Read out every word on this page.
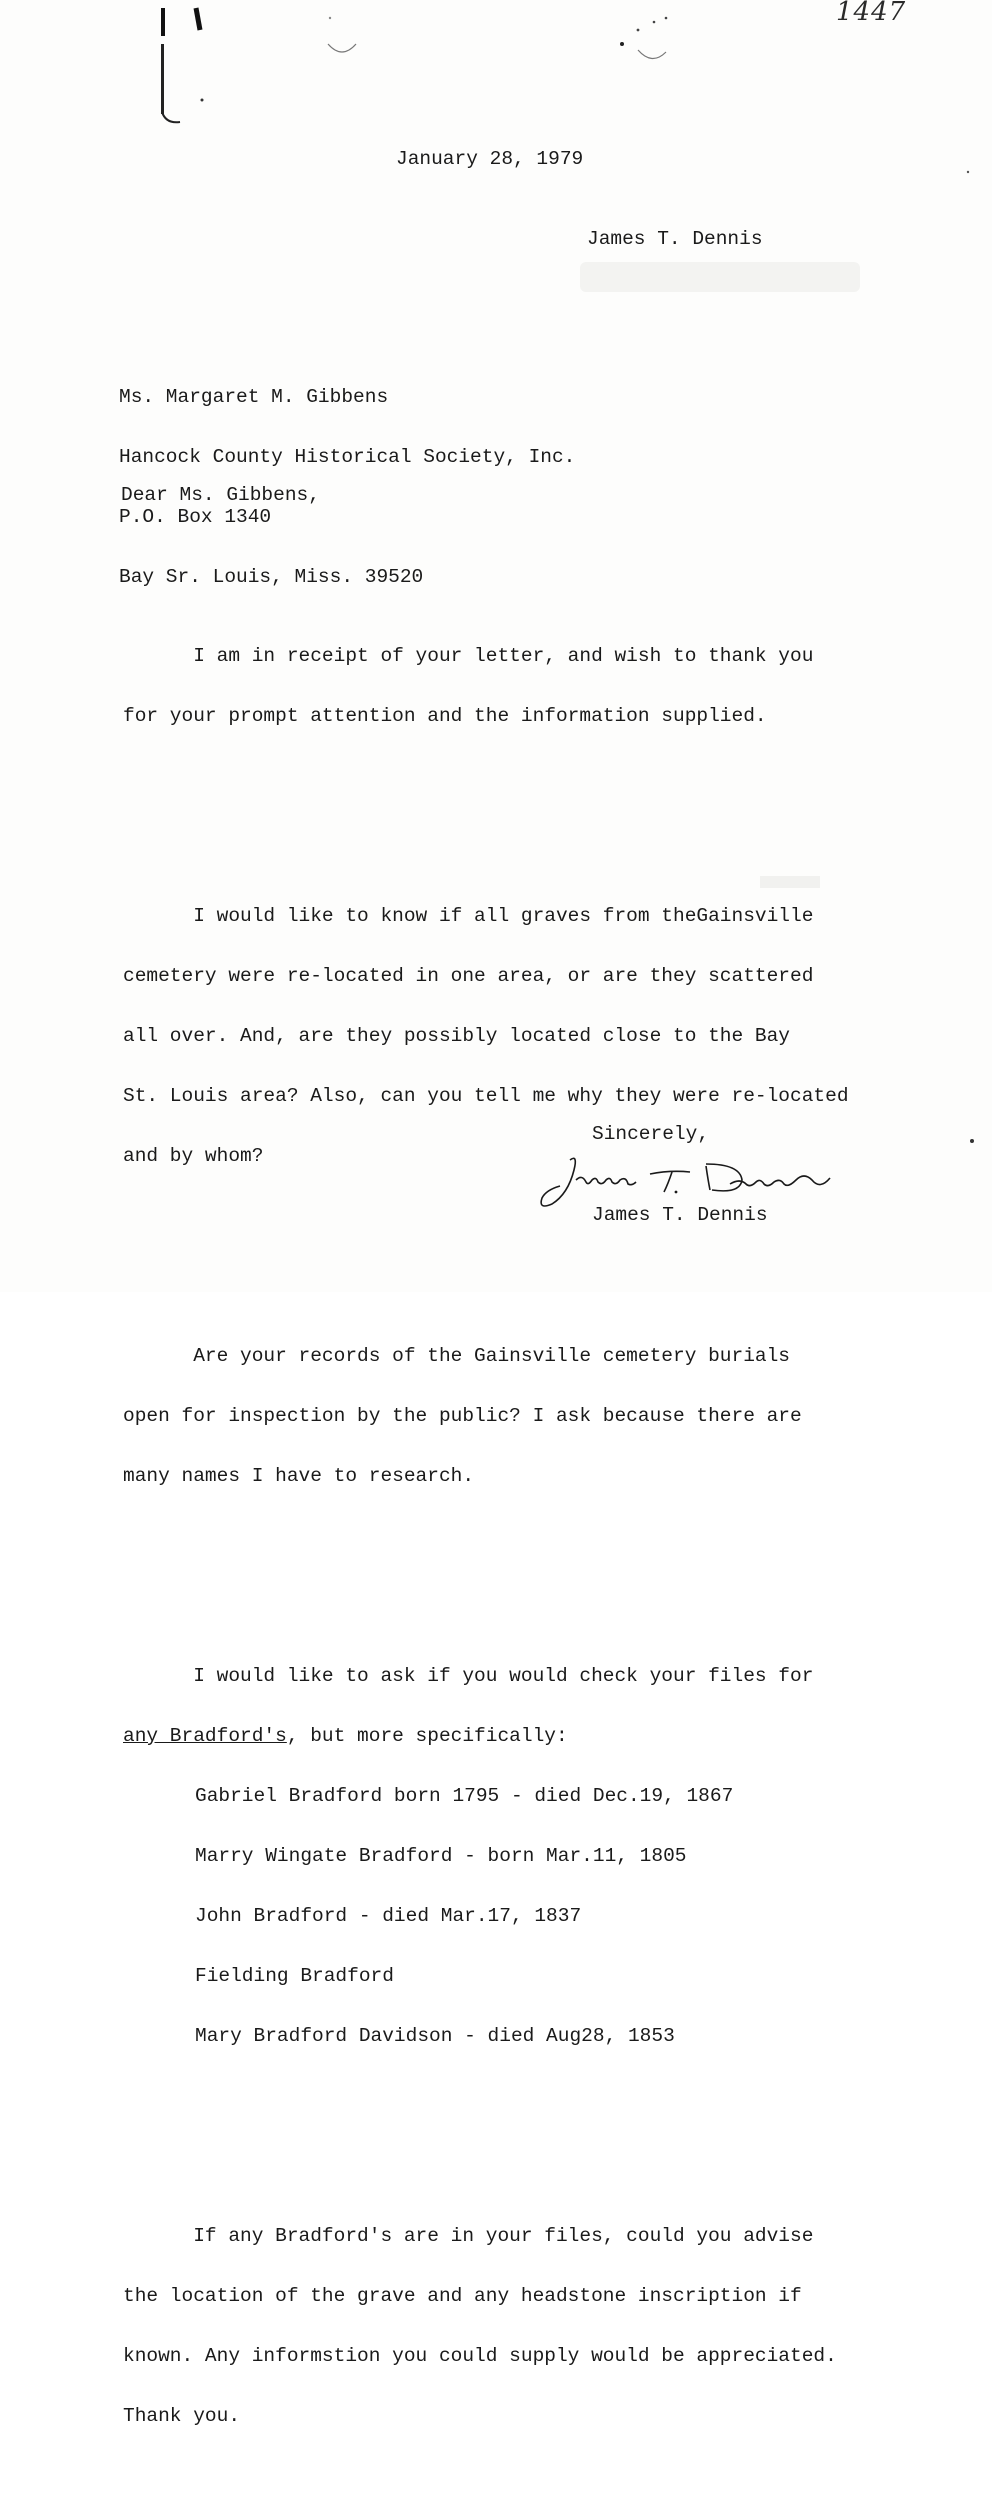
1447
January 28, 1979
James T. Dennis

Ms. Margaret M. Gibbens

Hancock County Historical Society, Inc.

P.O. Box 1340

Bay Sr. Louis, Miss. 39520

Dear Ms. Gibbens,

I am in receipt of your letter, and wish to thank you

for your prompt attention and the information supplied.

I would like to know if all graves from theGainsville

cemetery were re-located in one area, or are they scattered

all over. And, are they possibly located close to the Bay

St. Louis area? Also, can you tell me why they were re-located

and by whom?

Are your records of the Gainsville cemetery burials

open for inspection by the public? I ask because there are

many names I have to research.

I would like to ask if you would check your files for

any Bradford's, but more specifically:

Gabriel Bradford born 1795 - died Dec.19, 1867

Marry Wingate Bradford - born Mar.11, 1805

John Bradford - died Mar.17, 1837

Fielding Bradford

Mary Bradford Davidson - died Aug28, 1853

If any Bradford's are in your files, could you advise

the location of the grave and any headstone inscription if

known. Any informstion you could supply would be appreciated.

Thank you.

Sincerely,
James T. Dennis
